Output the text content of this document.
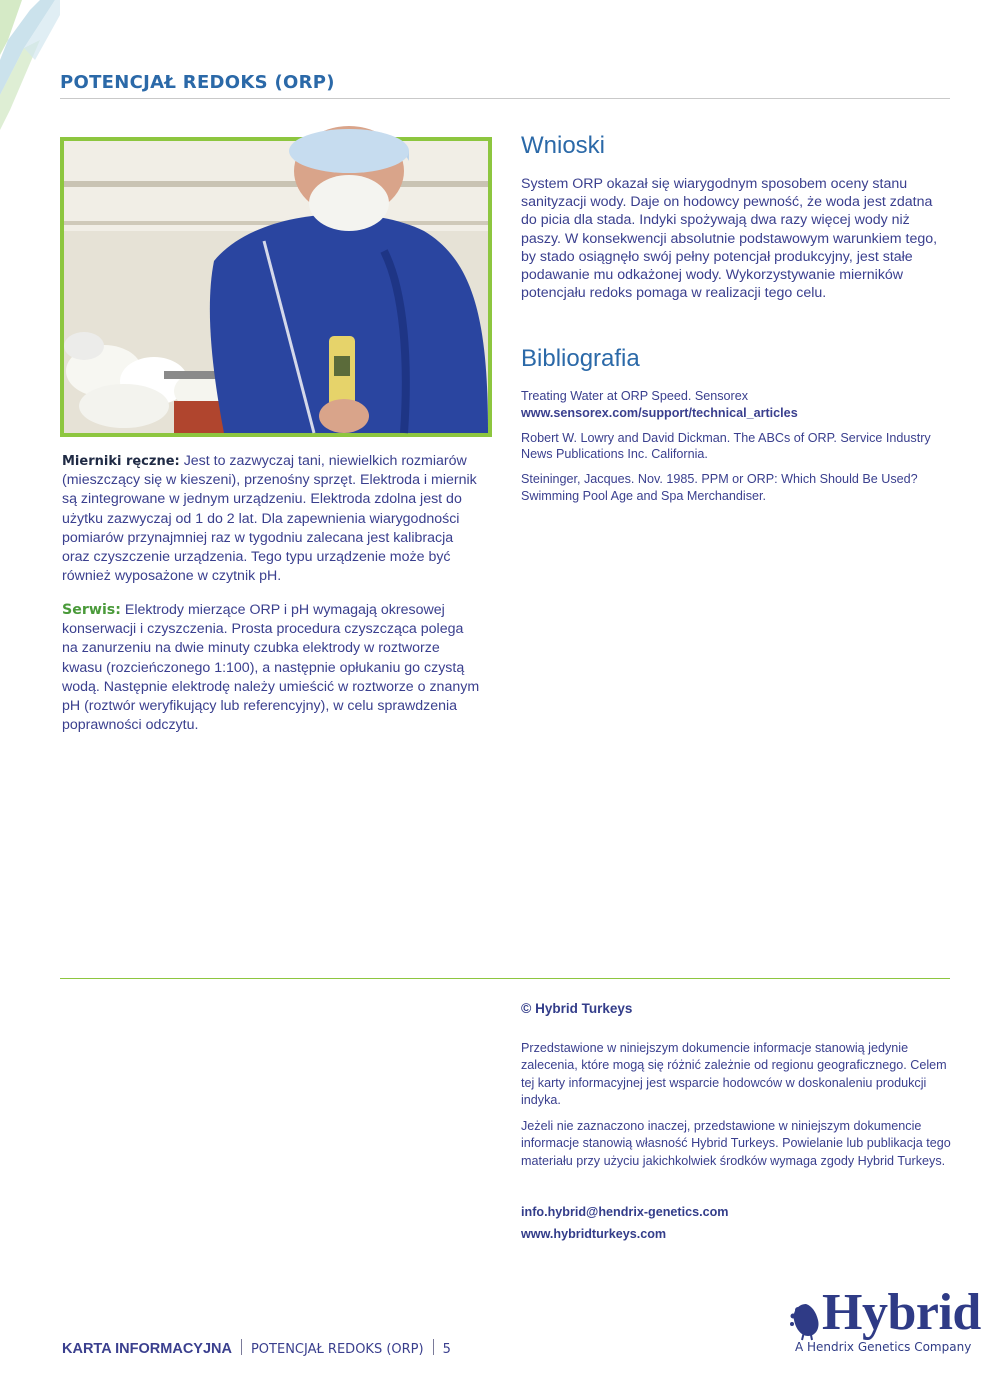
POTENCJAŁ REDOKS (ORP)
Mierniki ręczne: Jest to zazwyczaj tani, niewielkich rozmiarów (mieszczący się w kieszeni), przenośny sprzęt. Elektroda i miernik są zintegrowane w jednym urządzeniu. Elektroda zdolna jest do użytku zazwyczaj od 1 do 2 lat. Dla zapewnienia wiarygodności pomiarów przynajmniej raz w tygodniu zalecana jest kalibracja oraz czyszczenie urządzenia. Tego typu urządzenie może być również wyposażone w czytnik pH.
Serwis: Elektrody mierzące ORP i pH wymagają okresowej konserwacji i czyszczenia. Prosta procedura czyszcząca polega na zanurzeniu na dwie minuty czubka elektrody w roztworze kwasu (rozcieńczonego 1:100), a następnie opłukaniu go czystą wodą. Następnie elektrodę należy umieścić w roztworze o znanym pH (roztwór weryfikujący lub referencyjny), w celu sprawdzenia poprawności odczytu.
Wnioski
System ORP okazał się wiarygodnym sposobem oceny stanu sanityzacji wody. Daje on hodowcy pewność, że woda jest zdatna do picia dla stada. Indyki spożywają dwa razy więcej wody niż paszy. W konsekwencji absolutnie podstawowym warunkiem tego, by stado osiągnęło swój pełny potencjał produkcyjny, jest stałe podawanie mu odkażonej wody. Wykorzystywanie mierników potencjału redoks pomaga w realizacji tego celu.
Bibliografia
Treating Water at ORP Speed. Sensorex
www.sensorex.com/support/technical_articles
Robert W. Lowry and David Dickman. The ABCs of ORP. Service Industry News Publications Inc. California.
Steininger, Jacques. Nov. 1985. PPM or ORP: Which Should Be Used? Swimming Pool Age and Spa Merchandiser.
© Hybrid Turkeys

Przedstawione w niniejszym dokumencie informacje stanowią jedynie zalecenia, które mogą się różnić zależnie od regionu geograficznego. Celem tej karty informacyjnej jest wsparcie hodowców w doskonaleniu produkcji indyka.

Jeżeli nie zaznaczono inaczej, przedstawione w niniejszym dokumencie informacje stanowią własność Hybrid Turkeys. Powielanie lub publikacja tego materiału przy użyciu jakichkolwiek środków wymaga zgody Hybrid Turkeys.

info.hybrid@hendrix-genetics.com
www.hybridturkeys.com
KARTA INFORMACYJNA POTENCJAŁ REDOKS (ORP) 5
Hybrid
A Hendrix Genetics Company
